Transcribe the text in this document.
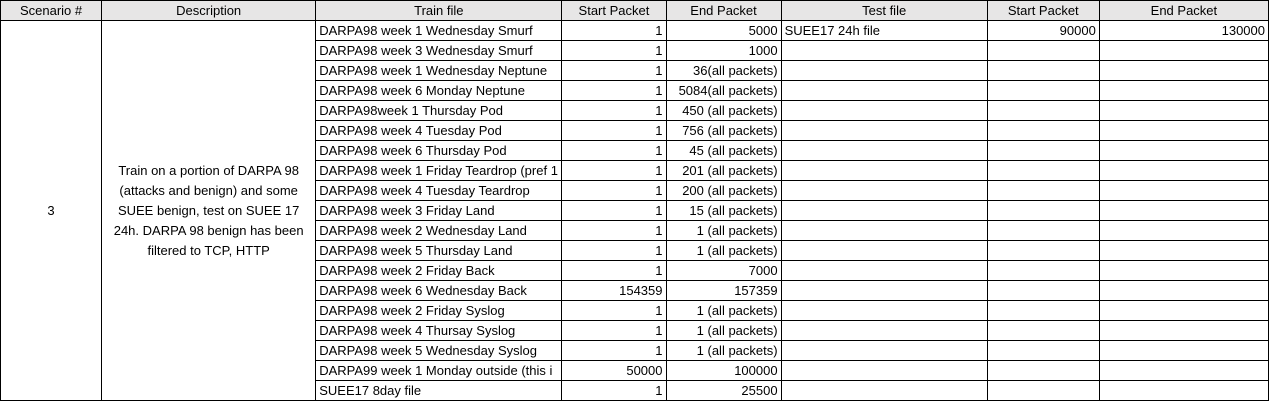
Scenario #	Description	Train file	Start Packet	End Packet	Test file	Start Packet	End Packet
3	Train on a portion of DARPA 98 (attacks and benign) and some SUEE benign, test on SUEE 17 24h. DARPA 98 benign has been filtered to TCP, HTTP	DARPA98 week 1 Wednesday Smurf	1	5000	SUEE17 24h file	90000	130000
		DARPA98 week 3 Wednesday Smurf	1	1000			
		DARPA98 week 1 Wednesday Neptune	1	36(all packets)			
		DARPA98 week 6 Monday Neptune	1	5084(all packets)			
		DARPA98week 1 Thursday Pod	1	450 (all packets)			
		DARPA98 week 4 Tuesday Pod	1	756 (all packets)			
		DARPA98 week 6 Thursday Pod	1	45 (all packets)			
		DARPA98 week 1 Friday Teardrop (pref 1	1	201 (all packets)			
		DARPA98 week 4 Tuesday Teardrop	1	200 (all packets)			
		DARPA98 week 3 Friday Land	1	15 (all packets)			
		DARPA98 week 2 Wednesday Land	1	1 (all packets)			
		DARPA98 week 5 Thursday Land	1	1 (all packets)			
		DARPA98 week 2 Friday Back	1	7000			
		DARPA98 week 6 Wednesday Back	154359	157359			
		DARPA98 week 2 Friday Syslog	1	1 (all packets)			
		DARPA98 week 4 Thursay Syslog	1	1 (all packets)			
		DARPA98 week 5 Wednesday Syslog	1	1 (all packets)			
		DARPA99 week 1 Monday outside (this i	50000	100000			
		SUEE17 8day file	1	25500			
